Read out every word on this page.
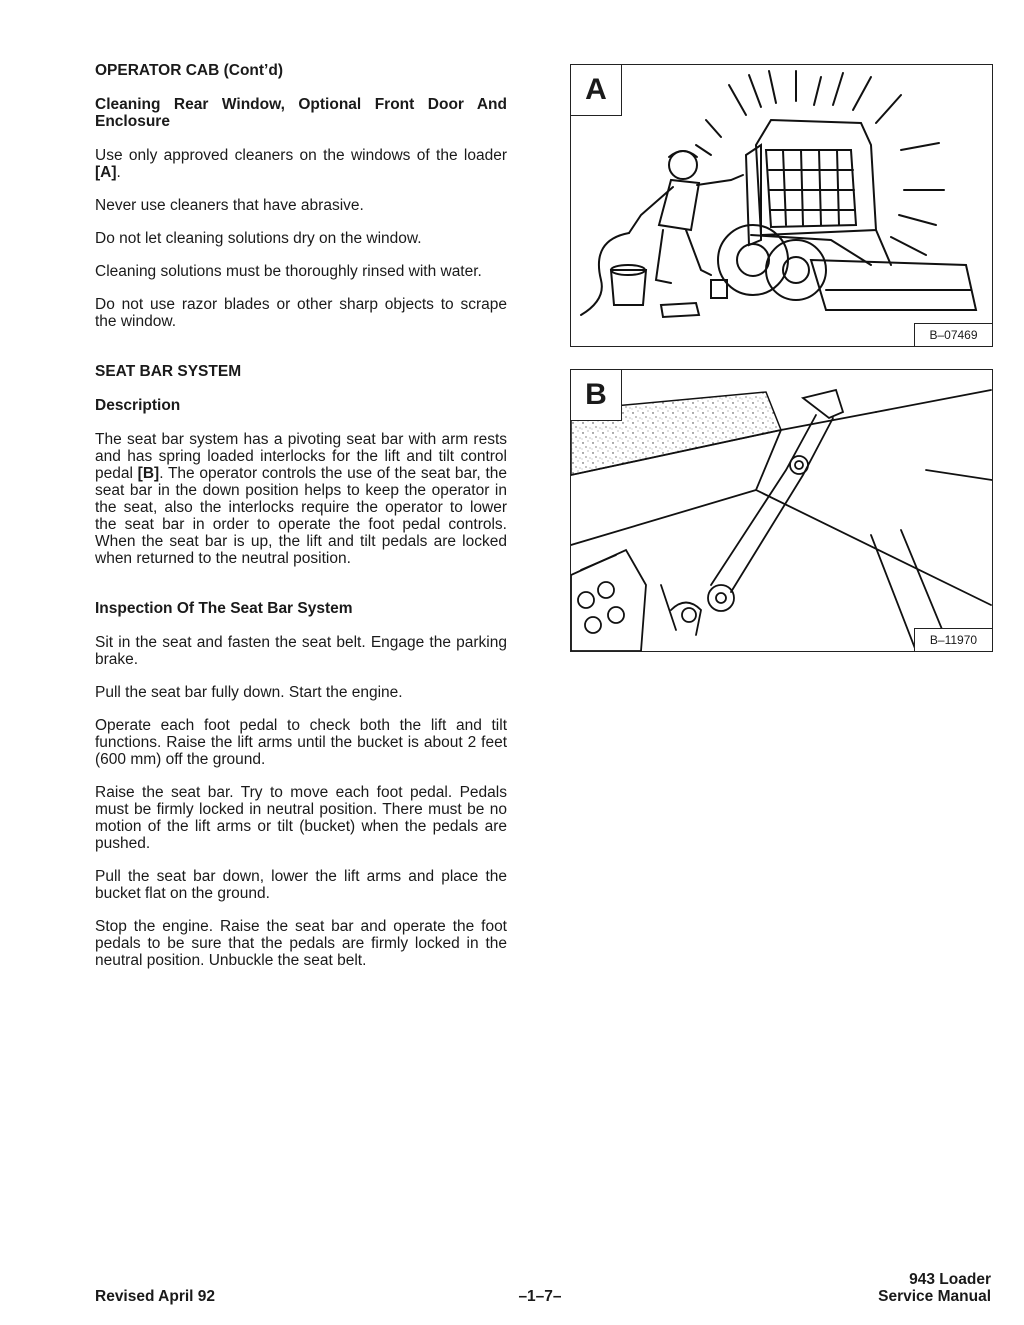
OPERATOR CAB (Cont’d)
Cleaning Rear Window, Optional Front Door And Enclosure
Use only approved cleaners on the windows of the loader [A].
Never use cleaners that have abrasive.
Do not let cleaning solutions dry on the window.
Cleaning solutions must be thoroughly rinsed with water.
Do not use razor blades or other sharp objects to scrape the window.
SEAT BAR SYSTEM
Description
The seat bar system has a pivoting seat bar with arm rests and has spring loaded interlocks for the lift and tilt control pedal [B]. The operator controls the use of the seat bar, the seat bar in the down position helps to keep the operator in the seat, also the interlocks require the operator to lower the seat bar in order to operate the foot pedal controls. When the seat bar is up, the lift and tilt pedals are locked when returned to the neutral position.
Inspection Of The Seat Bar System
Sit in the seat and fasten the seat belt. Engage the parking brake.
Pull the seat bar fully down. Start the engine.
Operate each foot pedal to check both the lift and tilt functions. Raise the lift arms until the bucket is about 2 feet (600 mm) off the ground.
Raise the seat bar. Try to move each foot pedal. Pedals must be firmly locked in neutral position. There must be no motion of the lift arms or tilt (bucket) when the pedals are pushed.
Pull the seat bar down, lower the lift arms and place the bucket flat on the ground.
Stop the engine. Raise the seat bar and operate the foot pedals to be sure that the pedals are firmly locked in the neutral position. Unbuckle the seat belt.
A
B–07469
B
B–11970
Revised April 92	–1–7–
943 Loader
Service Manual
